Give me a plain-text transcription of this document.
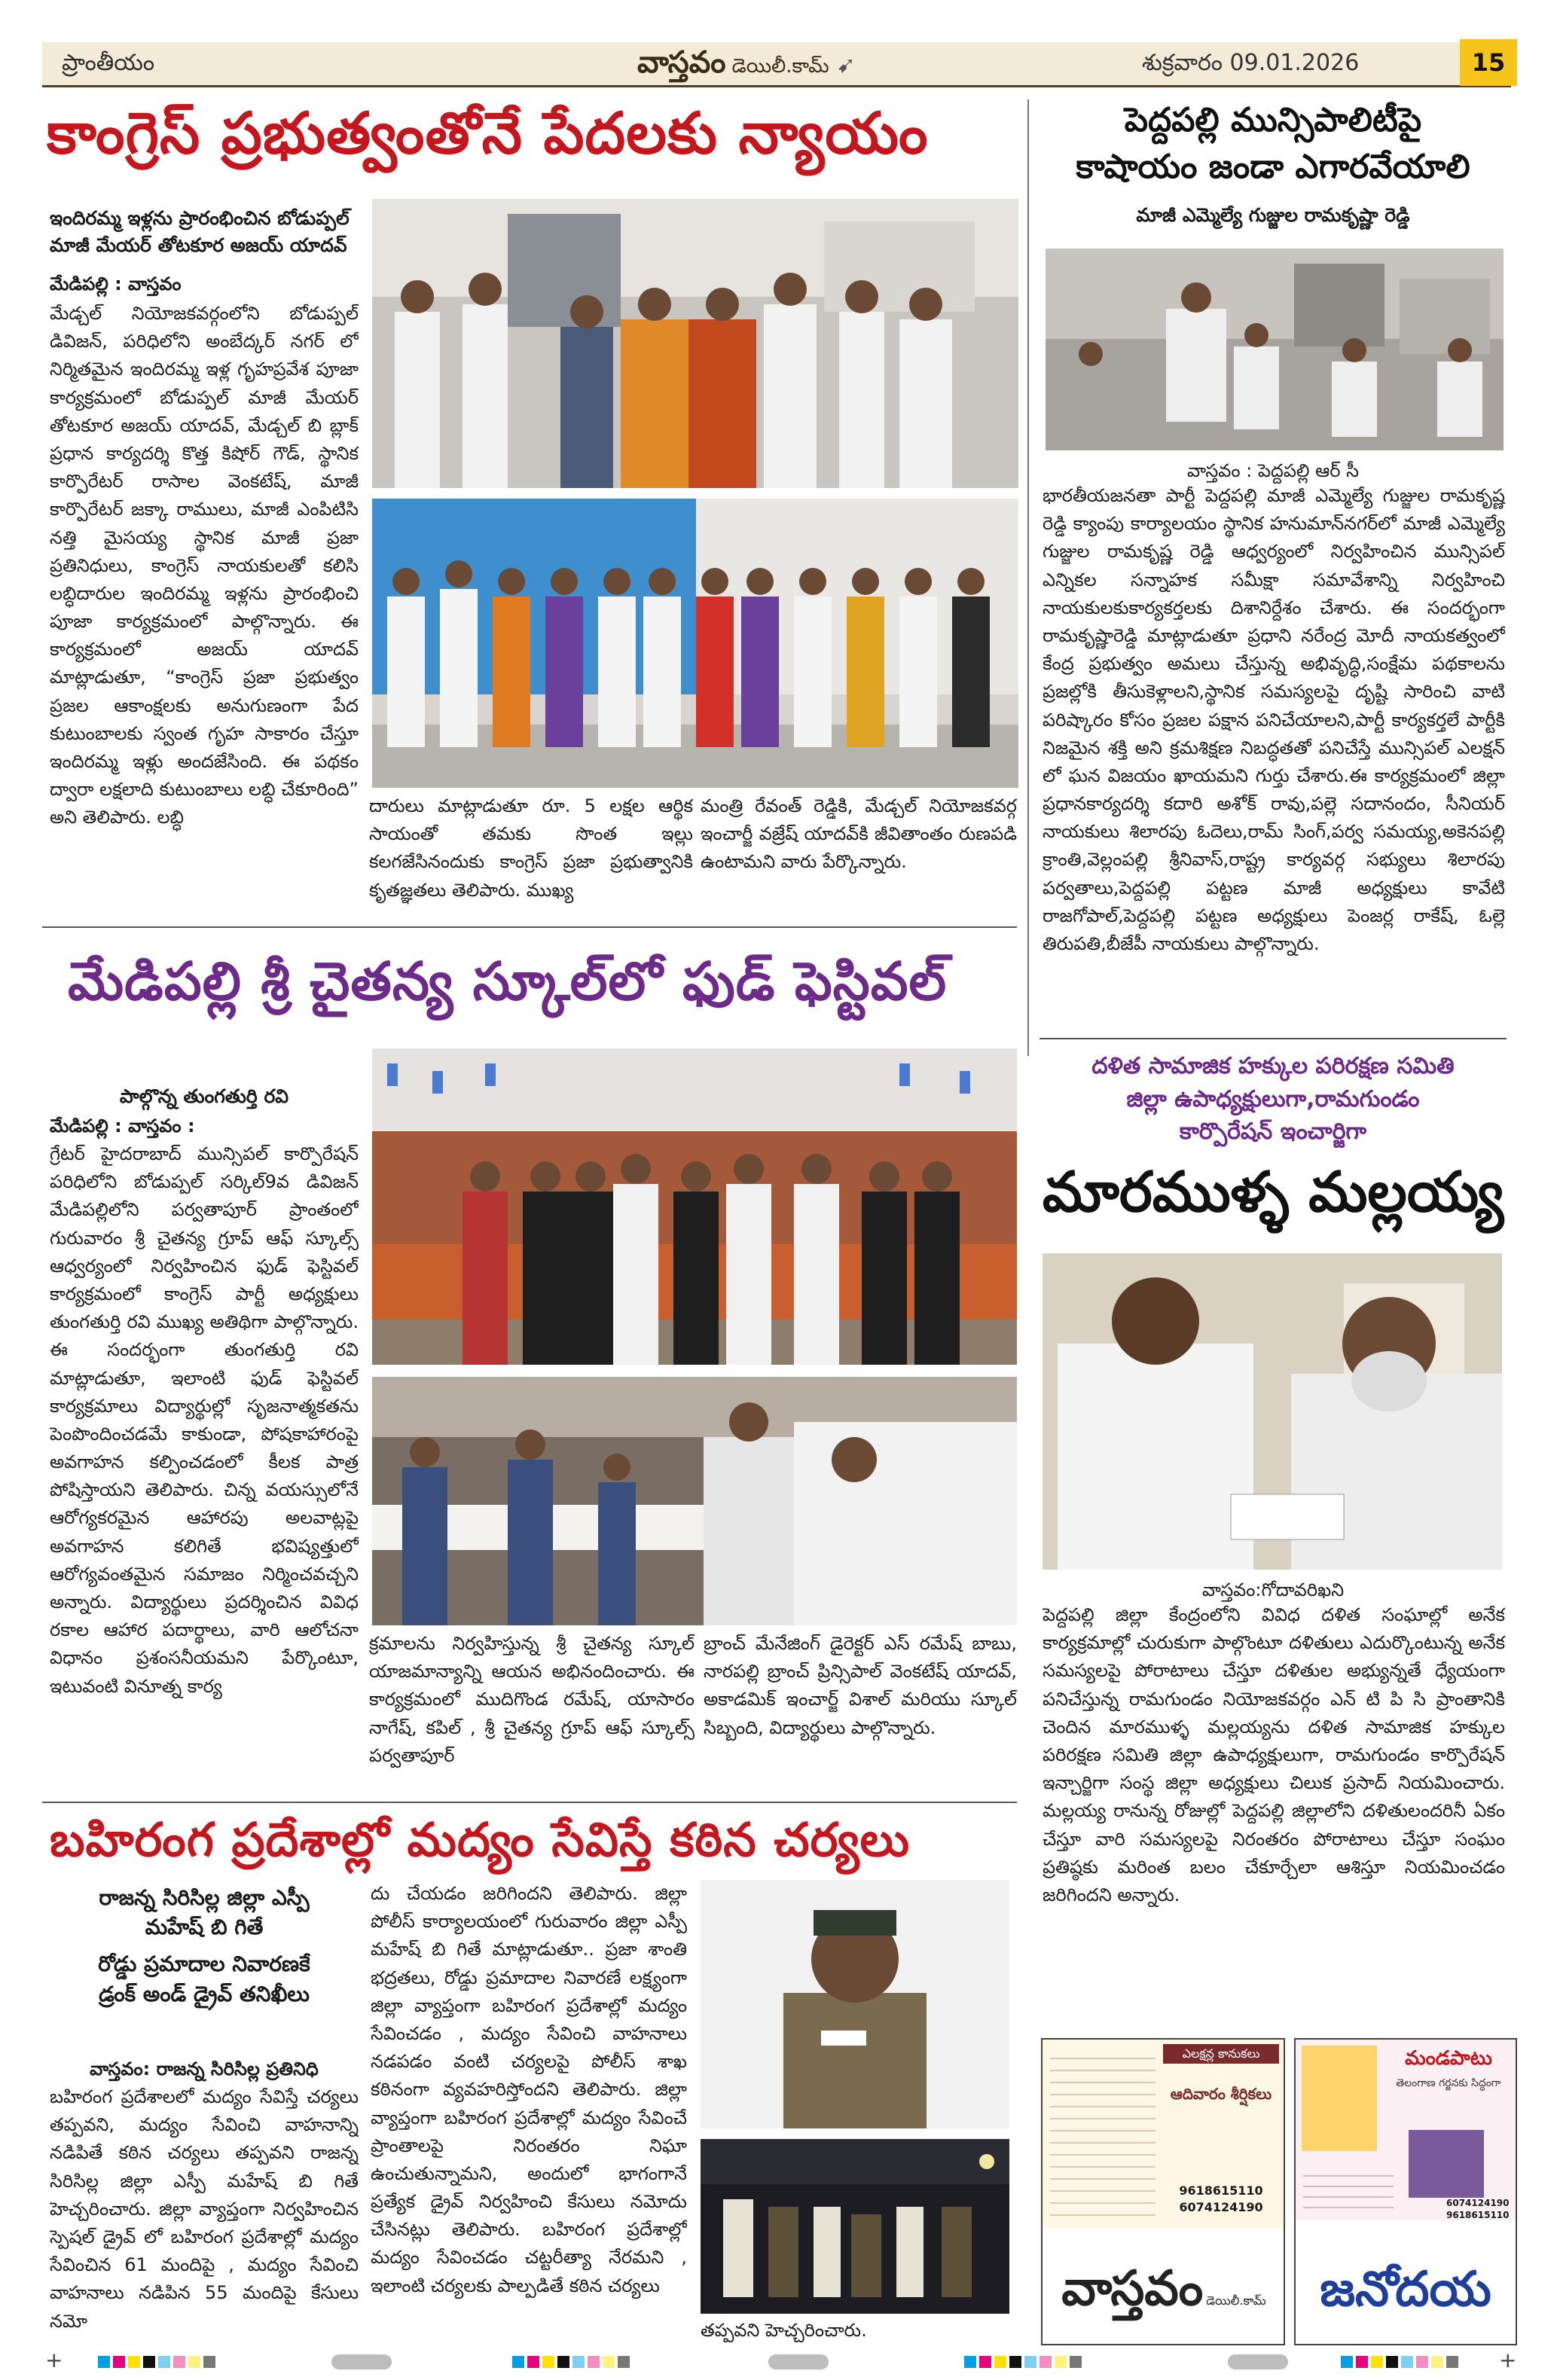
ప్రాంతీయం	వాస్తవం డెయిలీ.కామ్ ➹	శుక్రవారం 09.01.2026	15
కాంగ్రెస్ ప్రభుత్వంతోనే పేదలకు న్యాయం
ఇందిరమ్మ ఇళ్లను ప్రారంభించిన బోడుప్పల్
మాజీ మేయర్ తోటకూర అజయ్ యాదవ్
మేడిపల్లి : వాస్తవం
మేడ్చల్ నియోజకవర్గంలోని బోడుప్పల్ డివిజన్, పరిధిలోని అంబేద్కర్ నగర్ లో నిర్మితమైన ఇందిరమ్మ ఇళ్ల గృహప్రవేశ పూజా కార్యక్రమంలో బోడుప్పల్ మాజీ మేయర్ తోటకూర అజయ్ యాదవ్, మేడ్చల్ బి బ్లాక్ ప్రధాన కార్యదర్శి కొత్త కిషోర్ గౌడ్, స్థానిక కార్పొరేటర్ రాసాల వెంకటేష్, మాజీ కార్పొరేటర్ జక్కా రాములు, మాజీ ఎంపిటిసి నత్తి మైసయ్య స్థానిక మాజీ ప్రజా ప్రతినిధులు, కాంగ్రెస్ నాయకులతో కలిసి లబ్ధిదారుల ఇందిరమ్మ ఇళ్లను ప్రారంభించి పూజా కార్యక్రమంలో పాల్గొన్నారు. ఈ కార్యక్రమంలో అజయ్ యాదవ్ మాట్లాడుతూ, “కాంగ్రెస్ ప్రజా ప్రభుత్వం ప్రజల ఆకాంక్షలకు అనుగుణంగా పేద కుటుంబాలకు స్వంత గృహ సాకారం చేస్తూ ఇందిరమ్మ ఇళ్లు అందజేసింది. ఈ పథకం ద్వారా లక్షలాది కుటుంబాలు లబ్ధి చేకూరింది” అని తెలిపారు. లబ్ధి
దారులు మాట్లాడుతూ రూ. 5 లక్షల ఆర్థిక సాయంతో తమకు సొంత ఇల్లు కలగజేసినందుకు కాంగ్రెస్ ప్రజా ప్రభుత్వానికి కృతజ్ఞతలు తెలిపారు. ముఖ్య
మంత్రి రేవంత్ రెడ్డికి, మేడ్చల్ నియోజకవర్గ ఇంచార్జీ వజ్రేష్ యాదవ్‌కి జీవితాంతం రుణపడి ఉంటామని వారు పేర్కొన్నారు.
పెద్దపల్లి మున్సిపాలిటీపై
కాషాయం జండా ఎగారవేయాలి
మాజీ ఎమ్మెల్యే గుజ్జుల రామకృష్ణా రెడ్డి
వాస్తవం : పెద్దపల్లి ఆర్ సీ
భారతీయజనతా పార్టీ పెద్దపల్లి మాజీ ఎమ్మెల్యే గుజ్జుల రామకృష్ణ రెడ్డి క్యాంపు కార్యాలయం స్థానిక హనుమాన్‌నగర్‌లో మాజీ ఎమ్మెల్యే గుజ్జుల రామకృష్ణ రెడ్డి ఆధ్వర్యంలో నిర్వహించిన మున్సిపల్ ఎన్నికల సన్నాహక సమీక్షా సమావేశాన్ని నిర్వహించి నాయకులకుకార్యకర్తలకు దిశానిర్దేశం చేశారు. ఈ సందర్భంగా రామకృష్ణారెడ్డి మాట్లాడుతూ ప్రధాని నరేంద్ర మోదీ నాయకత్వంలో కేంద్ర ప్రభుత్వం అమలు చేస్తున్న అభివృద్ధి,సంక్షేమ పథకాలను ప్రజల్లోకి తీసుకెళ్లాలని,స్థానిక సమస్యలపై దృష్టి సారించి వాటి పరిష్కారం కోసం ప్రజల పక్షాన పనిచేయాలని,పార్టీ కార్యకర్తలే పార్టీకి నిజమైన శక్తి అని క్రమశిక్షణ నిబద్ధతతో పనిచేస్తే మున్సిపల్ ఎలక్షన్ లో ఘన విజయం ఖాయమని గుర్తు చేశారు.ఈ కార్యక్రమంలో జిల్లా ప్రధానకార్యదర్శి కదారి అశోక్ రావు,పల్లె సదానందం, సీనియర్ నాయకులు శిలారపు ఓదెలు,రామ్ సింగ్,పర్వ సమయ్య,అకెనపల్లి క్రాంతి,వెల్లంపల్లి శ్రీనివాస్,రాష్ట్ర కార్యవర్గ సభ్యులు శిలారపు పర్వతాలు,పెద్దపల్లి పట్టణ మాజీ అధ్యక్షులు కావేటి రాజగోపాల్,పెద్దపల్లి పట్టణ అధ్యక్షులు పెంజర్ల రాకేష్, ఓల్లె తిరుపతి,బీజేపీ నాయకులు పాల్గొన్నారు.
మేడిపల్లి శ్రీ చైతన్య స్కూల్‌లో ఫుడ్ ఫెస్టివల్
పాల్గొన్న తుంగతుర్తి రవి
మేడిపల్లి : వాస్తవం :
గ్రేటర్ హైదరాబాద్ మున్సిపల్ కార్పొరేషన్ పరిధిలోని బోడుప్పల్ సర్కిల్9వ డివిజన్ మేడిపల్లిలోని పర్వతాపూర్ ప్రాంతంలో గురువారం శ్రీ చైతన్య గ్రూప్ ఆఫ్ స్కూల్స్ ఆధ్వర్యంలో నిర్వహించిన ఫుడ్ ఫెస్టివల్ కార్యక్రమంలో కాంగ్రెస్ పార్టీ అధ్యక్షులు తుంగతుర్తి రవి ముఖ్య అతిథిగా పాల్గొన్నారు. ఈ సందర్భంగా తుంగతుర్తి రవి మాట్లాడుతూ, ఇలాంటి ఫుడ్ ఫెస్టివల్ కార్యక్రమాలు విద్యార్థుల్లో సృజనాత్మకతను పెంపొందించడమే కాకుండా, పోషకాహారంపై అవగాహన కల్పించడంలో కీలక పాత్ర పోషిస్తాయని తెలిపారు. చిన్న వయస్సులోనే ఆరోగ్యకరమైన ఆహారపు అలవాట్లపై అవగాహన కలిగితే భవిష్యత్తులో ఆరోగ్యవంతమైన సమాజం నిర్మించవచ్చని అన్నారు. విద్యార్థులు ప్రదర్శించిన వివిధ రకాల ఆహార పదార్థాలు, వారి ఆలోచనా విధానం ప్రశంసనీయమని పేర్కొంటూ, ఇటువంటి వినూత్న కార్య
క్రమాలను నిర్వహిస్తున్న శ్రీ చైతన్య స్కూల్ యాజమాన్యాన్ని ఆయన అభినందించారు. ఈ కార్యక్రమంలో ముదిగొండ రమేష్, యాసారం నాగేష్, కపిల్ , శ్రీ చైతన్య గ్రూప్ ఆఫ్ స్కూల్స్ పర్వతాపూర్
బ్రాంచ్ మేనేజింగ్ డైరెక్టర్ ఎస్ రమేష్ బాబు, నారపల్లి బ్రాంచ్ ప్రిన్సిపాల్ వెంకటేష్ యాదవ్, అకాడమిక్ ఇంచార్జ్ విశాల్ మరియు స్కూల్ సిబ్బంది, విద్యార్థులు పాల్గొన్నారు.
దళిత సామాజిక హక్కుల పరిరక్షణ సమితి
జిల్లా ఉపాధ్యక్షులుగా,రామగుండం
కార్పొరేషన్ ఇంచార్జిగా
మారముళ్ళ మల్లయ్య
వాస్తవం:గోదావరిఖని
పెద్దపల్లి జిల్లా కేంద్రంలోని వివిధ దళిత సంఘాల్లో అనేక కార్యక్రమాల్లో చురుకుగా పాల్గొంటూ దళితులు ఎదుర్కొంటున్న అనేక సమస్యలపై పోరాటాలు చేస్తూ దళితుల అభ్యున్నతే ధ్యేయంగా పనిచేస్తున్న రామగుండం నియోజకవర్గం ఎన్ టి పి సి ప్రాంతానికి చెందిన మారముళ్ళ మల్లయ్యను దళిత సామాజిక హక్కుల పరిరక్షణ సమితి జిల్లా ఉపాధ్యక్షులుగా, రామగుండం కార్పొరేషన్ ఇన్చార్జిగా సంస్థ జిల్లా అధ్యక్షులు చిలుక ప్రసాద్ నియమించారు. మల్లయ్య రానున్న రోజుల్లో పెద్దపల్లి జిల్లాలోని దళితులందరినీ ఏకం చేస్తూ వారి సమస్యలపై నిరంతరం పోరాటాలు చేస్తూ సంఘం ప్రతిష్ఠకు మరింత బలం చేకూర్చేలా ఆశిస్తూ నియమించడం జరిగిందని అన్నారు.
బహిరంగ ప్రదేశాల్లో మద్యం సేవిస్తే కఠిన చర్యలు
రాజన్న సిరిసిల్ల జిల్లా ఎస్పీ
మహేష్ బి గితే
రోడ్డు ప్రమాదాల నివారణకే
డ్రంక్ అండ్ డ్రైవ్ తనిఖీలు
వాస్తవం: రాజన్న సిరిసిల్ల ప్రతినిధి
బహిరంగ ప్రదేశాలలో మద్యం సేవిస్తే చర్యలు తప్పవని, మద్యం సేవించి వాహనాన్ని నడిపితే కఠిన చర్యలు తప్పవని రాజన్న సిరిసిల్ల జిల్లా ఎస్పీ మహేష్ బి గితే హెచ్చరించారు. జిల్లా వ్యాప్తంగా నిర్వహించిన స్పెషల్ డ్రైవ్ లో బహిరంగ ప్రదేశాల్లో మద్యం సేవించిన 61 మందిపై , మద్యం సేవించి వాహనాలు నడిపిన 55 మందిపై కేసులు నమో
దు చేయడం జరిగిందని తెలిపారు. జిల్లా పోలీస్ కార్యాలయంలో గురువారం జిల్లా ఎస్పీ మహేష్ బి గితే మాట్లాడుతూ.. ప్రజా శాంతి భద్రతలు, రోడ్డు ప్రమాదాల నివారణే లక్ష్యంగా జిల్లా వ్యాప్తంగా బహిరంగ ప్రదేశాల్లో మద్యం సేవించడం , మద్యం సేవించి వాహనాలు నడపడం వంటి చర్యలపై పోలీస్ శాఖ కఠినంగా వ్యవహరిస్తోందని తెలిపారు. జిల్లా వ్యాప్తంగా బహిరంగ ప్రదేశాల్లో మద్యం సేవించే ప్రాంతాలపై నిరంతరం నిఘా ఉంచుతున్నామని, అందులో భాగంగానే ప్రత్యేక డ్రైవ్ నిర్వహించి కేసులు నమోదు చేసినట్లు తెలిపారు. బహిరంగ ప్రదేశాల్లో మద్యం సేవించడం చట్టరీత్యా నేరమని , ఇలాంటి చర్యలకు పాల్పడితే కఠిన చర్యలు
తప్పవని హెచ్చరించారు.
ఎలక్షన్ల కానుకలు
ఆదివారం శీర్షికలు
9618615110
6074124190
వాస్తవం డెయిలీ.కామ్
మండపాటు
తెలంగాణ గర్జనకు సిద్ధంగా
6074124190
9618615110
జనోదయ
+	+
